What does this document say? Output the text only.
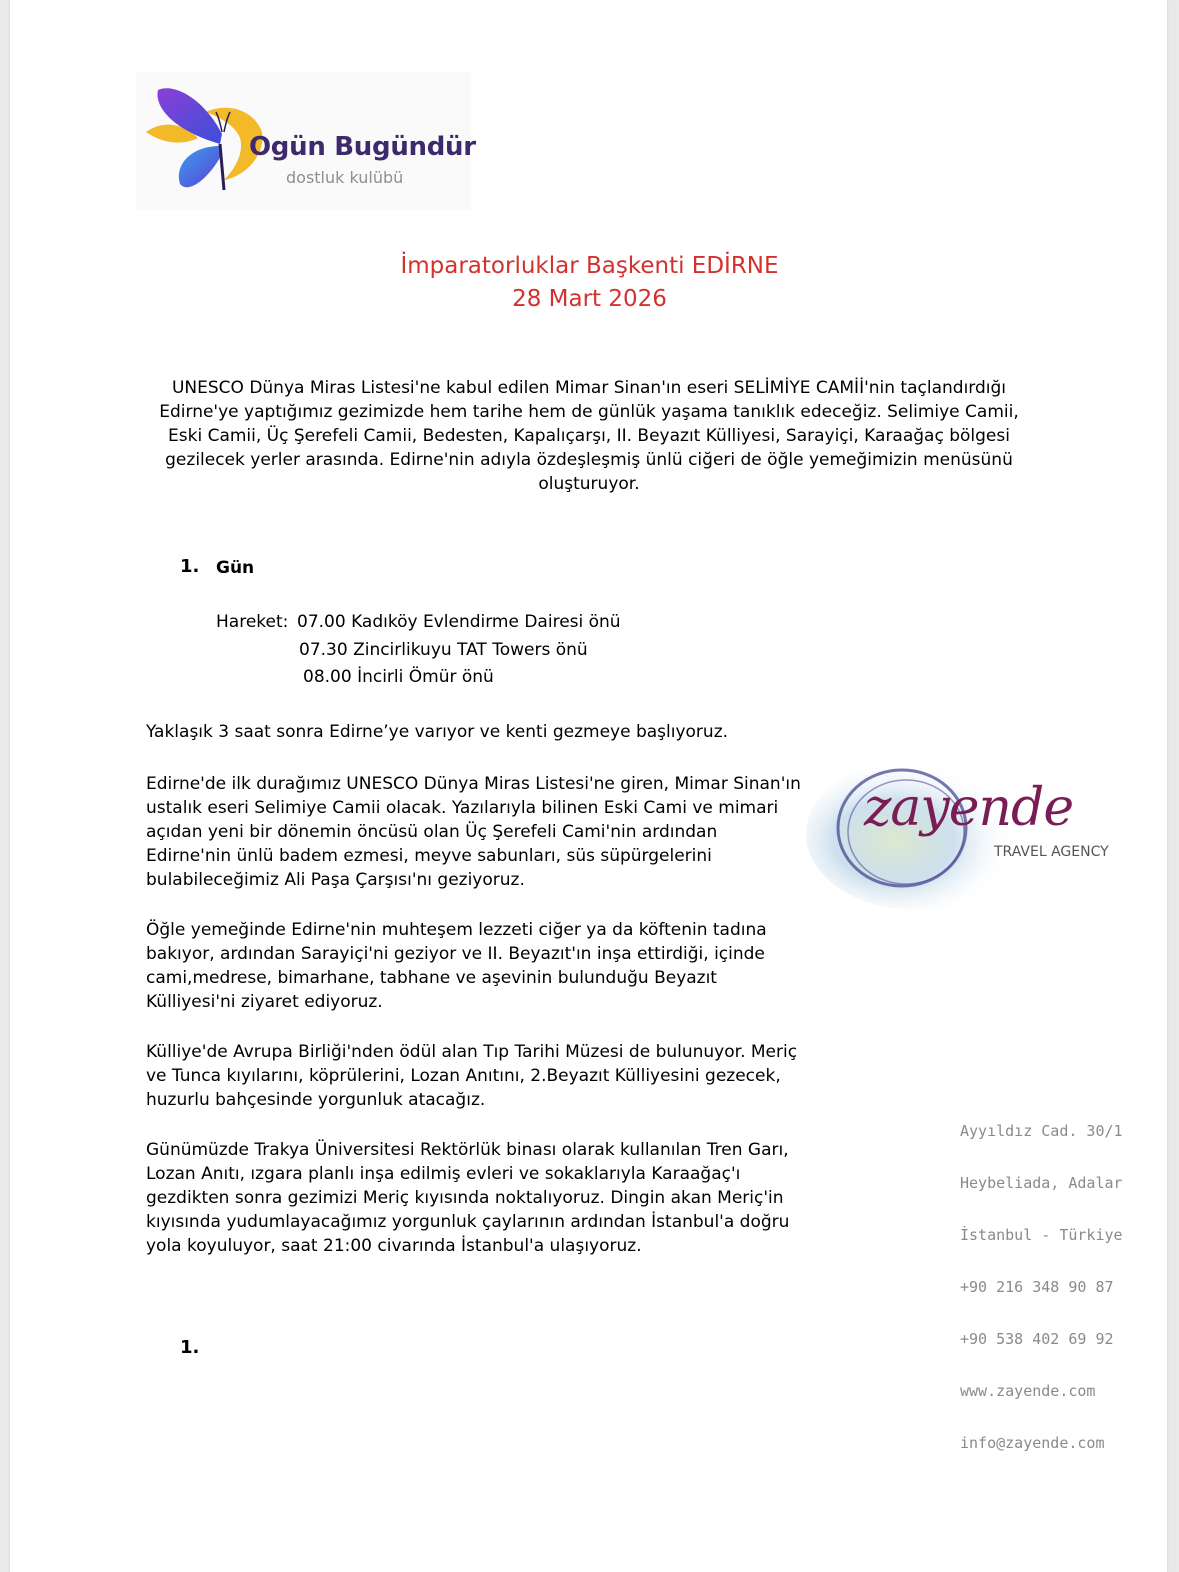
Ogün Bugündür
dostluk kulübü
İmparatorluklar Başkenti EDİRNE
28 Mart 2026
UNESCO Dünya Miras Listesi'ne kabul edilen Mimar Sinan'ın eseri SELİMİYE CAMİİ'nin taçlandırdığı Edirne'ye yaptığımız gezimizde hem tarihe hem de günlük yaşama tanıklık edeceğiz. Selimiye Camii, Eski Camii, Üç Şerefeli Camii, Bedesten, Kapalıçarşı, II. Beyazıt Külliyesi, Sarayiçi, Karaağaç bölgesi gezilecek yerler arasında. Edirne'nin adıyla özdeşleşmiş ünlü ciğeri de öğle yemeğimizin menüsünü oluşturuyor.
1. Gün
Hareket: 07.00 Kadıköy Evlendirme Dairesi önü
07.30 Zincirlikuyu TAT Towers önü
08.00 İncirli Ömür önü
Yaklaşık 3 saat sonra Edirne’ye varıyor ve kenti gezmeye başlıyoruz.
Edirne'de ilk durağımız UNESCO Dünya Miras Listesi'ne giren, Mimar Sinan'ın ustalık eseri Selimiye Camii olacak. Yazılarıyla bilinen Eski Cami ve mimari açıdan yeni bir dönemin öncüsü olan Üç Şerefeli Cami'nin ardından Edirne'nin ünlü badem ezmesi, meyve sabunları, süs süpürgelerini bulabileceğimiz Ali Paşa Çarşısı'nı geziyoruz.
Öğle yemeğinde Edirne'nin muhteşem lezzeti ciğer ya da köftenin tadına bakıyor, ardından Sarayiçi'ni geziyor ve II. Beyazıt'ın inşa ettirdiği, içinde cami,medrese, bimarhane, tabhane ve aşevinin bulunduğu Beyazıt Külliyesi'ni ziyaret ediyoruz.
Külliye'de Avrupa Birliği'nden ödül alan Tıp Tarihi Müzesi de bulunuyor. Meriç ve Tunca kıyılarını, köprülerini, Lozan Anıtını, 2.Beyazıt Külliyesini gezecek, huzurlu bahçesinde yorgunluk atacağız.
Günümüzde Trakya Üniversitesi Rektörlük binası olarak kullanılan Tren Garı, Lozan Anıtı, ızgara planlı inşa edilmiş evleri ve sokaklarıyla Karaağaç'ı gezdikten sonra gezimizi Meriç kıyısında noktalıyoruz. Dingin akan Meriç'in kıyısında yudumlayacağımız yorgunluk çaylarının ardından İstanbul'a doğru yola koyuluyor, saat 21:00 civarında İstanbul'a ulaşıyoruz.
1.
zayende
TRAVEL AGENCY
Ayyıldız Cad. 30/1
Heybeliada, Adalar
İstanbul - Türkiye
+90 216 348 90 87
+90 538 402 69 92
www.zayende.com
info@zayende.com
